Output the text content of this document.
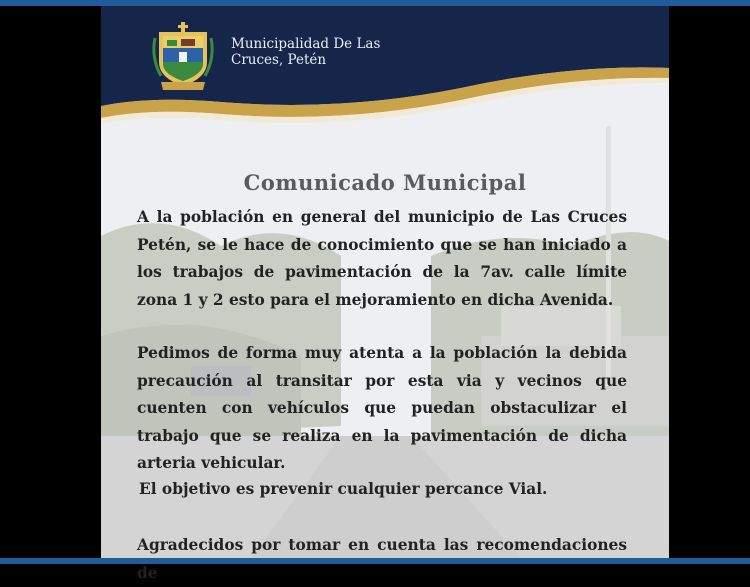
Municipalidad De Las
Cruces, Petén
Comunicado Municipal

A la población en general del municipio de Las Cruces Petén, se le hace de conocimiento que se han iniciado a los trabajos de pavimentación de la 7av. calle límite zona 1 y 2 esto para el mejoramiento en dicha Avenida.

Pedimos de forma muy atenta a la población la debida precaución al transitar por esta via y vecinos que cuenten con vehículos que puedan obstaculizar el trabajo que se realiza en la pavimentación de dicha arteria vehicular.

El objetivo es prevenir cualquier percance Vial.

Agradecidos por tomar en cuenta las recomendaciones de
